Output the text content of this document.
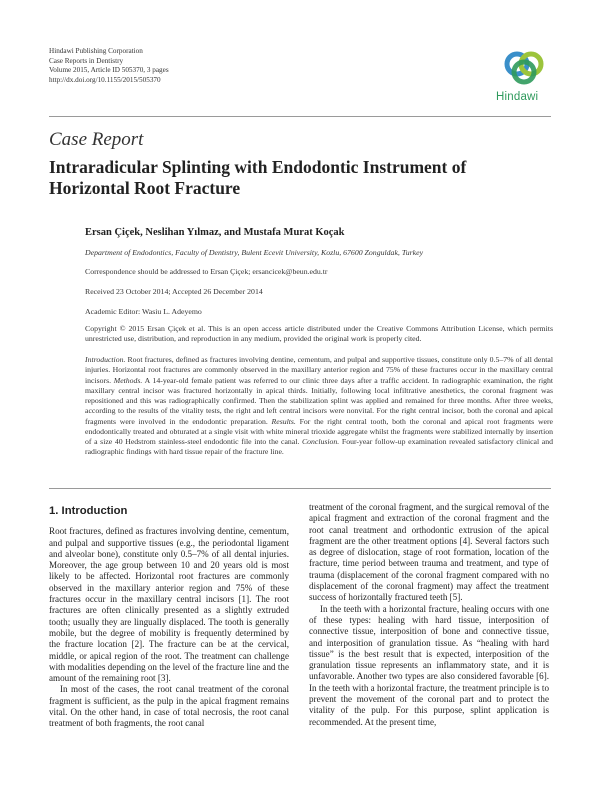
Hindawi Publishing Corporation
Case Reports in Dentistry
Volume 2015, Article ID 505370, 3 pages
http://dx.doi.org/10.1155/2015/505370
Hindawi
Case Report
Intraradicular Splinting with Endodontic Instrument of Horizontal Root Fracture
Ersan Çiçek, Neslihan Yılmaz, and Mustafa Murat Koçak
Department of Endodontics, Faculty of Dentistry, Bulent Ecevit University, Kozlu, 67600 Zonguldak, Turkey
Correspondence should be addressed to Ersan Çiçek; ersancicek@beun.edu.tr
Received 23 October 2014; Accepted 26 December 2014
Academic Editor: Wasiu L. Adeyemo
Copyright © 2015 Ersan Çiçek et al. This is an open access article distributed under the Creative Commons Attribution License, which permits unrestricted use, distribution, and reproduction in any medium, provided the original work is properly cited.
Introduction. Root fractures, defined as fractures involving dentine, cementum, and pulpal and supportive tissues, constitute only 0.5–7% of all dental injuries. Horizontal root fractures are commonly observed in the maxillary anterior region and 75% of these fractures occur in the maxillary central incisors. Methods. A 14-year-old female patient was referred to our clinic three days after a traffic accident. In radiographic examination, the right maxillary central incisor was fractured horizontally in apical thirds. Initially, following local infiltrative anesthetics, the coronal fragment was repositioned and this was radiographically confirmed. Then the stabilization splint was applied and remained for three months. After three weeks, according to the results of the vitality tests, the right and left central incisors were nonvital. For the right central incisor, both the coronal and apical fragments were involved in the endodontic preparation. Results. For the right central tooth, both the coronal and apical root fragments were endodontically treated and obturated at a single visit with white mineral trioxide aggregate whilst the fragments were stabilized internally by insertion of a size 40 Hedstrom stainless-steel endodontic file into the canal. Conclusion. Four-year follow-up examination revealed satisfactory clinical and radiographic findings with hard tissue repair of the fracture line.
1. Introduction

Root fractures, defined as fractures involving dentine, cementum, and pulpal and supportive tissues (e.g., the periodontal ligament and alveolar bone), constitute only 0.5–7% of all dental injuries. Moreover, the age group between 10 and 20 years old is most likely to be affected. Horizontal root fractures are commonly observed in the maxillary anterior region and 75% of these fractures occur in the maxillary central incisors [1]. The root fractures are often clinically presented as a slightly extruded tooth; usually they are lingually displaced. The tooth is generally mobile, but the degree of mobility is frequently determined by the fracture location [2]. The fracture can be at the cervical, middle, or apical region of the root. The treatment can challenge with modalities depending on the level of the fracture line and the amount of the remaining root [3].

In most of the cases, the root canal treatment of the coronal fragment is sufficient, as the pulp in the apical fragment remains vital. On the other hand, in case of total necrosis, the root canal treatment of both fragments, the root canal

treatment of the coronal fragment, and the surgical removal of the apical fragment and extraction of the coronal fragment and the root canal treatment and orthodontic extrusion of the apical fragment are the other treatment options [4]. Several factors such as degree of dislocation, stage of root formation, location of the fracture, time period between trauma and treatment, and type of trauma (displacement of the coronal fragment compared with no displacement of the coronal fragment) may affect the treatment success of horizontally fractured teeth [5].

In the teeth with a horizontal fracture, healing occurs with one of these types: healing with hard tissue, interposition of connective tissue, interposition of bone and connective tissue, and interposition of granulation tissue. As “healing with hard tissue” is the best result that is expected, interposition of the granulation tissue represents an inflammatory state, and it is unfavorable. Another two types are also considered favorable [6]. In the teeth with a horizontal fracture, the treatment principle is to prevent the movement of the coronal part and to protect the vitality of the pulp. For this purpose, splint application is recommended. At the present time,
